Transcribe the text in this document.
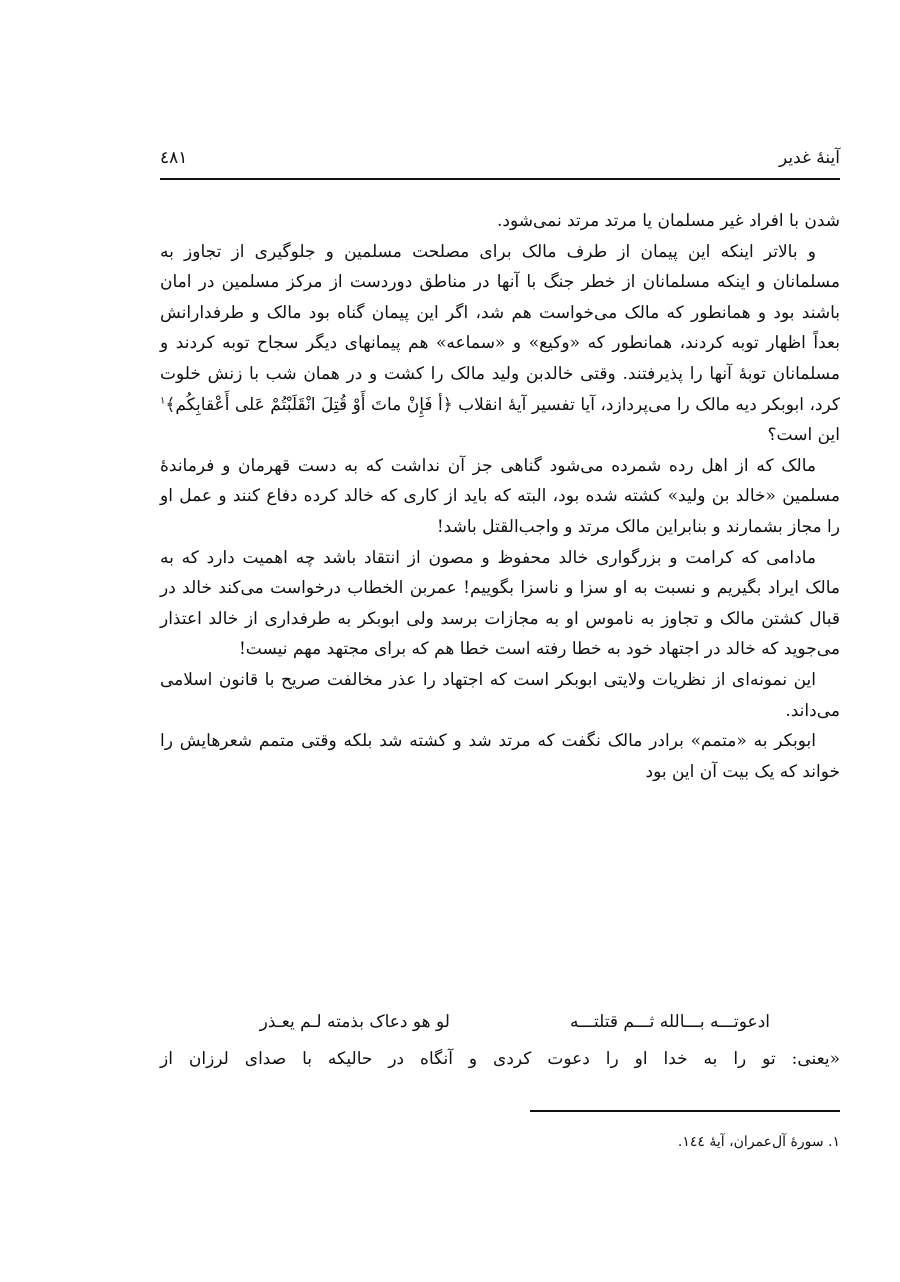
آینهٔ غدیر
٤٨١

شدن با افراد غیر مسلمان یا مرتد مرتد نمی‌شود.

و بالاتر اینکه این پیمان از طرف مالک برای مصلحت مسلمین و جلوگیری از تجاوز به مسلمانان و اینکه مسلمانان از خطر جنگ با آنها در مناطق دوردست از مرکز مسلمین در امان باشند بود و همانطور که مالک می‌خواست هم شد، اگر این پیمان گناه بود مالک و طرفدارانش بعداً اظهار توبه کردند، همانطور که «وکیع» و «سماعه» هم پیمانهای دیگر سجاح توبه کردند و مسلمانان توبهٔ آنها را پذیرفتند. وقتی خالدبن ولید مالک را کشت و در همان شب با زنش خلوت کرد، ابوبکر دیه مالک را می‌پردازد، آیا تفسیر آیهٔ انقلاب ﴿أ فَإِنْ ماتَ أَوْ قُتِلَ انْقَلَبْتُمْ عَلى أَعْقابِكُم﴾$^١$ این است؟

مالک که از اهل رده شمرده می‌شود گناهی جز آن نداشت که به دست قهرمان و فرماندهٔ مسلمین «خالد بن ولید» کشته شده بود، البته که باید از کاری که خالد کرده دفاع کنند و عمل او را مجاز بشمارند و بنابراین مالک مرتد و واجب‌القتل باشد!

مادامی که کرامت و بزرگواری خالد محفوظ و مصون از انتقاد باشد چه اهمیت دارد که به مالک ایراد بگیریم و نسبت به او سزا و ناسزا بگوییم! عمربن الخطاب درخواست می‌کند خالد در قبال کشتن مالک و تجاوز به ناموس او به مجازات برسد ولی ابوبکر به طرفداری از خالد اعتذار می‌جوید که خالد در اجتهاد خود به خطا رفته است خطا هم که برای مجتهد مهم نیست!

این نمونه‌ای از نظریات ولایتی ابوبکر است که اجتهاد را عذر مخالفت صریح با قانون اسلامی می‌داند.

ابوبکر به «متمم» برادر مالک نگفت که مرتد شد و کشته شد بلکه وقتی متمم شعرهایش را خواند که یک بیت آن این بود

ادعوتـــه بـــالله ثـــم قتلتـــه
لو هو دعاک بذمته لـم یعـذر
«یعنی: تو را به خدا او را دعوت کردی و آنگاه در حالیکه با صدای لرزان از
١. سورهٔ آل‌عمران، آیهٔ ١٤٤.
